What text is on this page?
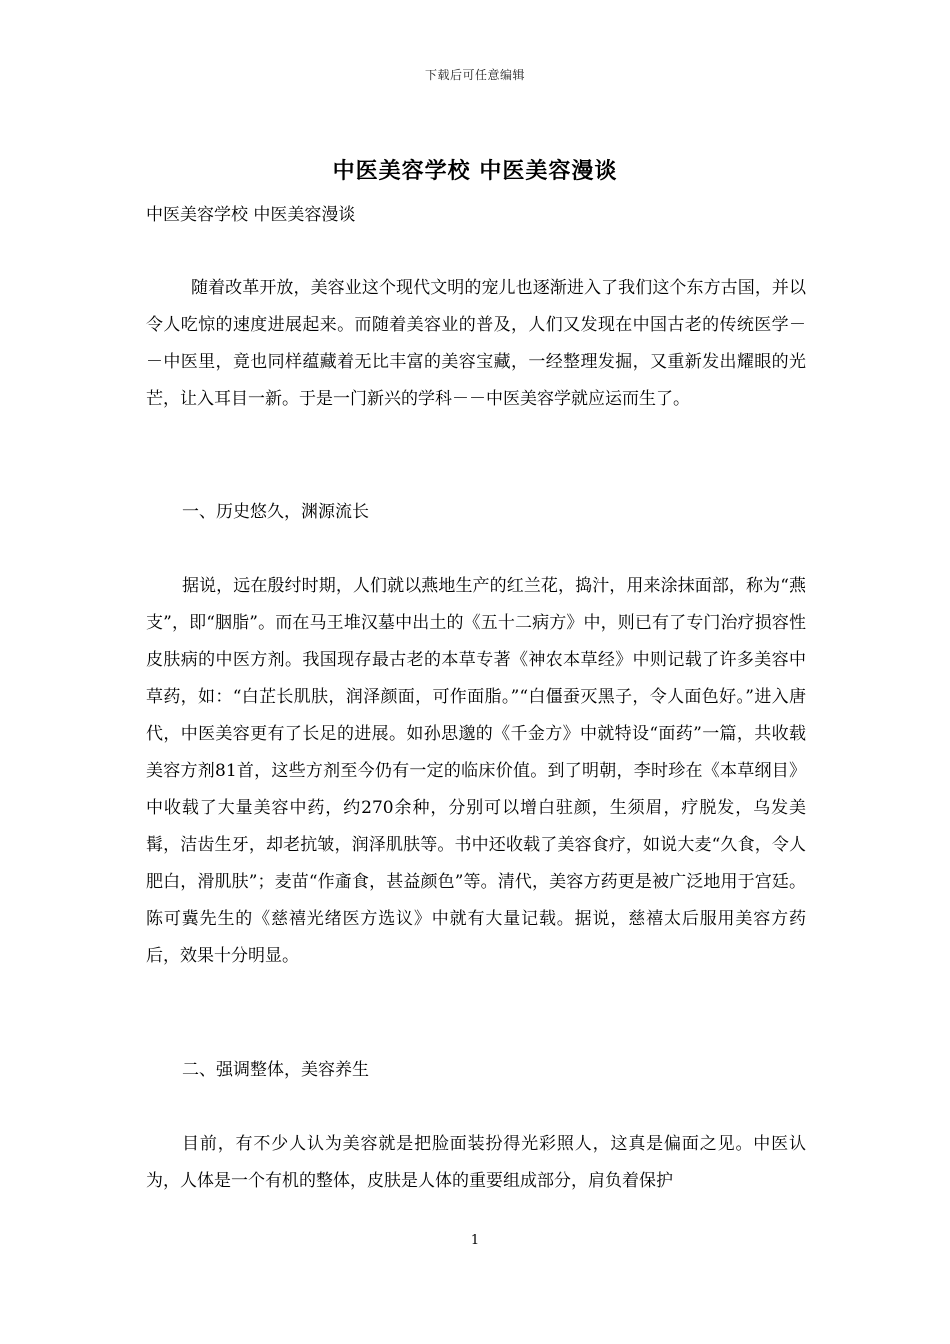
下载后可任意编辑
中医美容学校 中医美容漫谈

中医美容学校 中医美容漫谈

随着改革开放，美容业这个现代文明的宠儿也逐渐进入了我们这个东方古国，并以令人吃惊的速度进展起来。而随着美容业的普及，人们又发现在中国古老的传统医学－－中医里，竟也同样蕴藏着无比丰富的美容宝藏，一经整理发掘，又重新发出耀眼的光芒，让入耳目一新。于是一门新兴的学科－－中医美容学就应运而生了。

一、历史悠久，渊源流长

据说，远在殷纣时期，人们就以燕地生产的红兰花，捣汁，用来涂抹面部，称为“燕支”，即“胭脂”。而在马王堆汉墓中出土的《五十二病方》中，则已有了专门治疗损容性皮肤病的中医方剂。我国现存最古老的本草专著《神农本草经》中则记载了许多美容中草药，如：“白芷长肌肤，润泽颜面，可作面脂。”“白僵蚕灭黑子，令人面色好。”进入唐代，中医美容更有了长足的进展。如孙思邈的《千金方》中就特设“面药”一篇，共收载美容方剂81首，这些方剂至今仍有一定的临床价值。到了明朝，李时珍在《本草纲目》中收载了大量美容中药，约270余种，分别可以增白驻颜，生须眉，疗脱发，乌发美髯，洁齿生牙，却老抗皱，润泽肌肤等。书中还收载了美容食疗，如说大麦“久食，令人肥白，滑肌肤”；麦苗“作齑食，甚益颜色”等。清代，美容方药更是被广泛地用于宫廷。陈可冀先生的《慈禧光绪医方选议》中就有大量记载。据说，慈禧太后服用美容方药后，效果十分明显。

二、强调整体，美容养生

目前，有不少人认为美容就是把脸面装扮得光彩照人，这真是偏面之见。中医认为，人体是一个有机的整体，皮肤是人体的重要组成部分，肩负着保护

1
